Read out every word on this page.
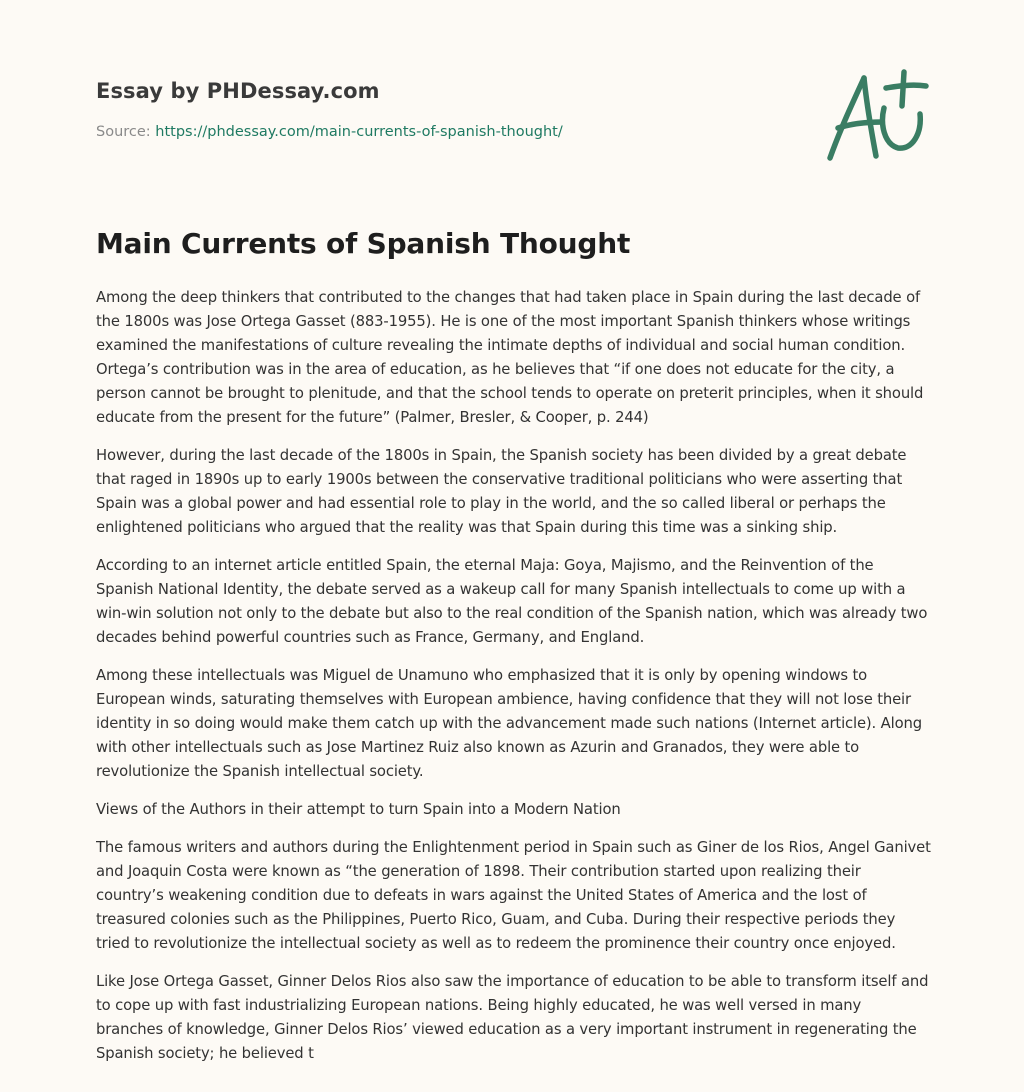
Essay by PHDessay.com
Source: https://phdessay.com/main-currents-of-spanish-thought/
Main Currents of Spanish Thought

Among the deep thinkers that contributed to the changes that had taken place in Spain during the last decade of the 1800s was Jose Ortega Gasset (883-1955). He is one of the most important Spanish thinkers whose writings examined the manifestations of culture revealing the intimate depths of individual and social human condition. Ortega’s contribution was in the area of education, as he believes that “if one does not educate for the city, a person cannot be brought to plenitude, and that the school tends to operate on preterit principles, when it should educate from the present for the future” (Palmer, Bresler, & Cooper, p. 244)

However, during the last decade of the 1800s in Spain, the Spanish society has been divided by a great debate that raged in 1890s up to early 1900s between the conservative traditional politicians who were asserting that Spain was a global power and had essential role to play in the world, and the so called liberal or perhaps the enlightened politicians who argued that the reality was that Spain during this time was a sinking ship.

According to an internet article entitled Spain, the eternal Maja: Goya, Majismo, and the Reinvention of the Spanish National Identity, the debate served as a wakeup call for many Spanish intellectuals to come up with a win-win solution not only to the debate but also to the real condition of the Spanish nation, which was already two decades behind powerful countries such as France, Germany, and England.

Among these intellectuals was Miguel de Unamuno who emphasized that it is only by opening windows to European winds, saturating themselves with European ambience, having confidence that they will not lose their identity in so doing would make them catch up with the advancement made such nations (Internet article). Along with other intellectuals such as Jose Martinez Ruiz also known as Azurin and Granados, they were able to revolutionize the Spanish intellectual society.

Views of the Authors in their attempt to turn Spain into a Modern Nation

The famous writers and authors during the Enlightenment period in Spain such as Giner de los Rios, Angel Ganivet and Joaquin Costa were known as “the generation of 1898. Their contribution started upon realizing their country’s weakening condition due to defeats in wars against the United States of America and the lost of treasured colonies such as the Philippines, Puerto Rico, Guam, and Cuba. During their respective periods they tried to revolutionize the intellectual society as well as to redeem the prominence their country once enjoyed.

Like Jose Ortega Gasset, Ginner Delos Rios also saw the importance of education to be able to transform itself and to cope up with fast industrializing European nations. Being highly educated, he was well versed in many branches of knowledge, Ginner Delos Rios’ viewed education as a very important instrument in regenerating the Spanish society; he believed t
